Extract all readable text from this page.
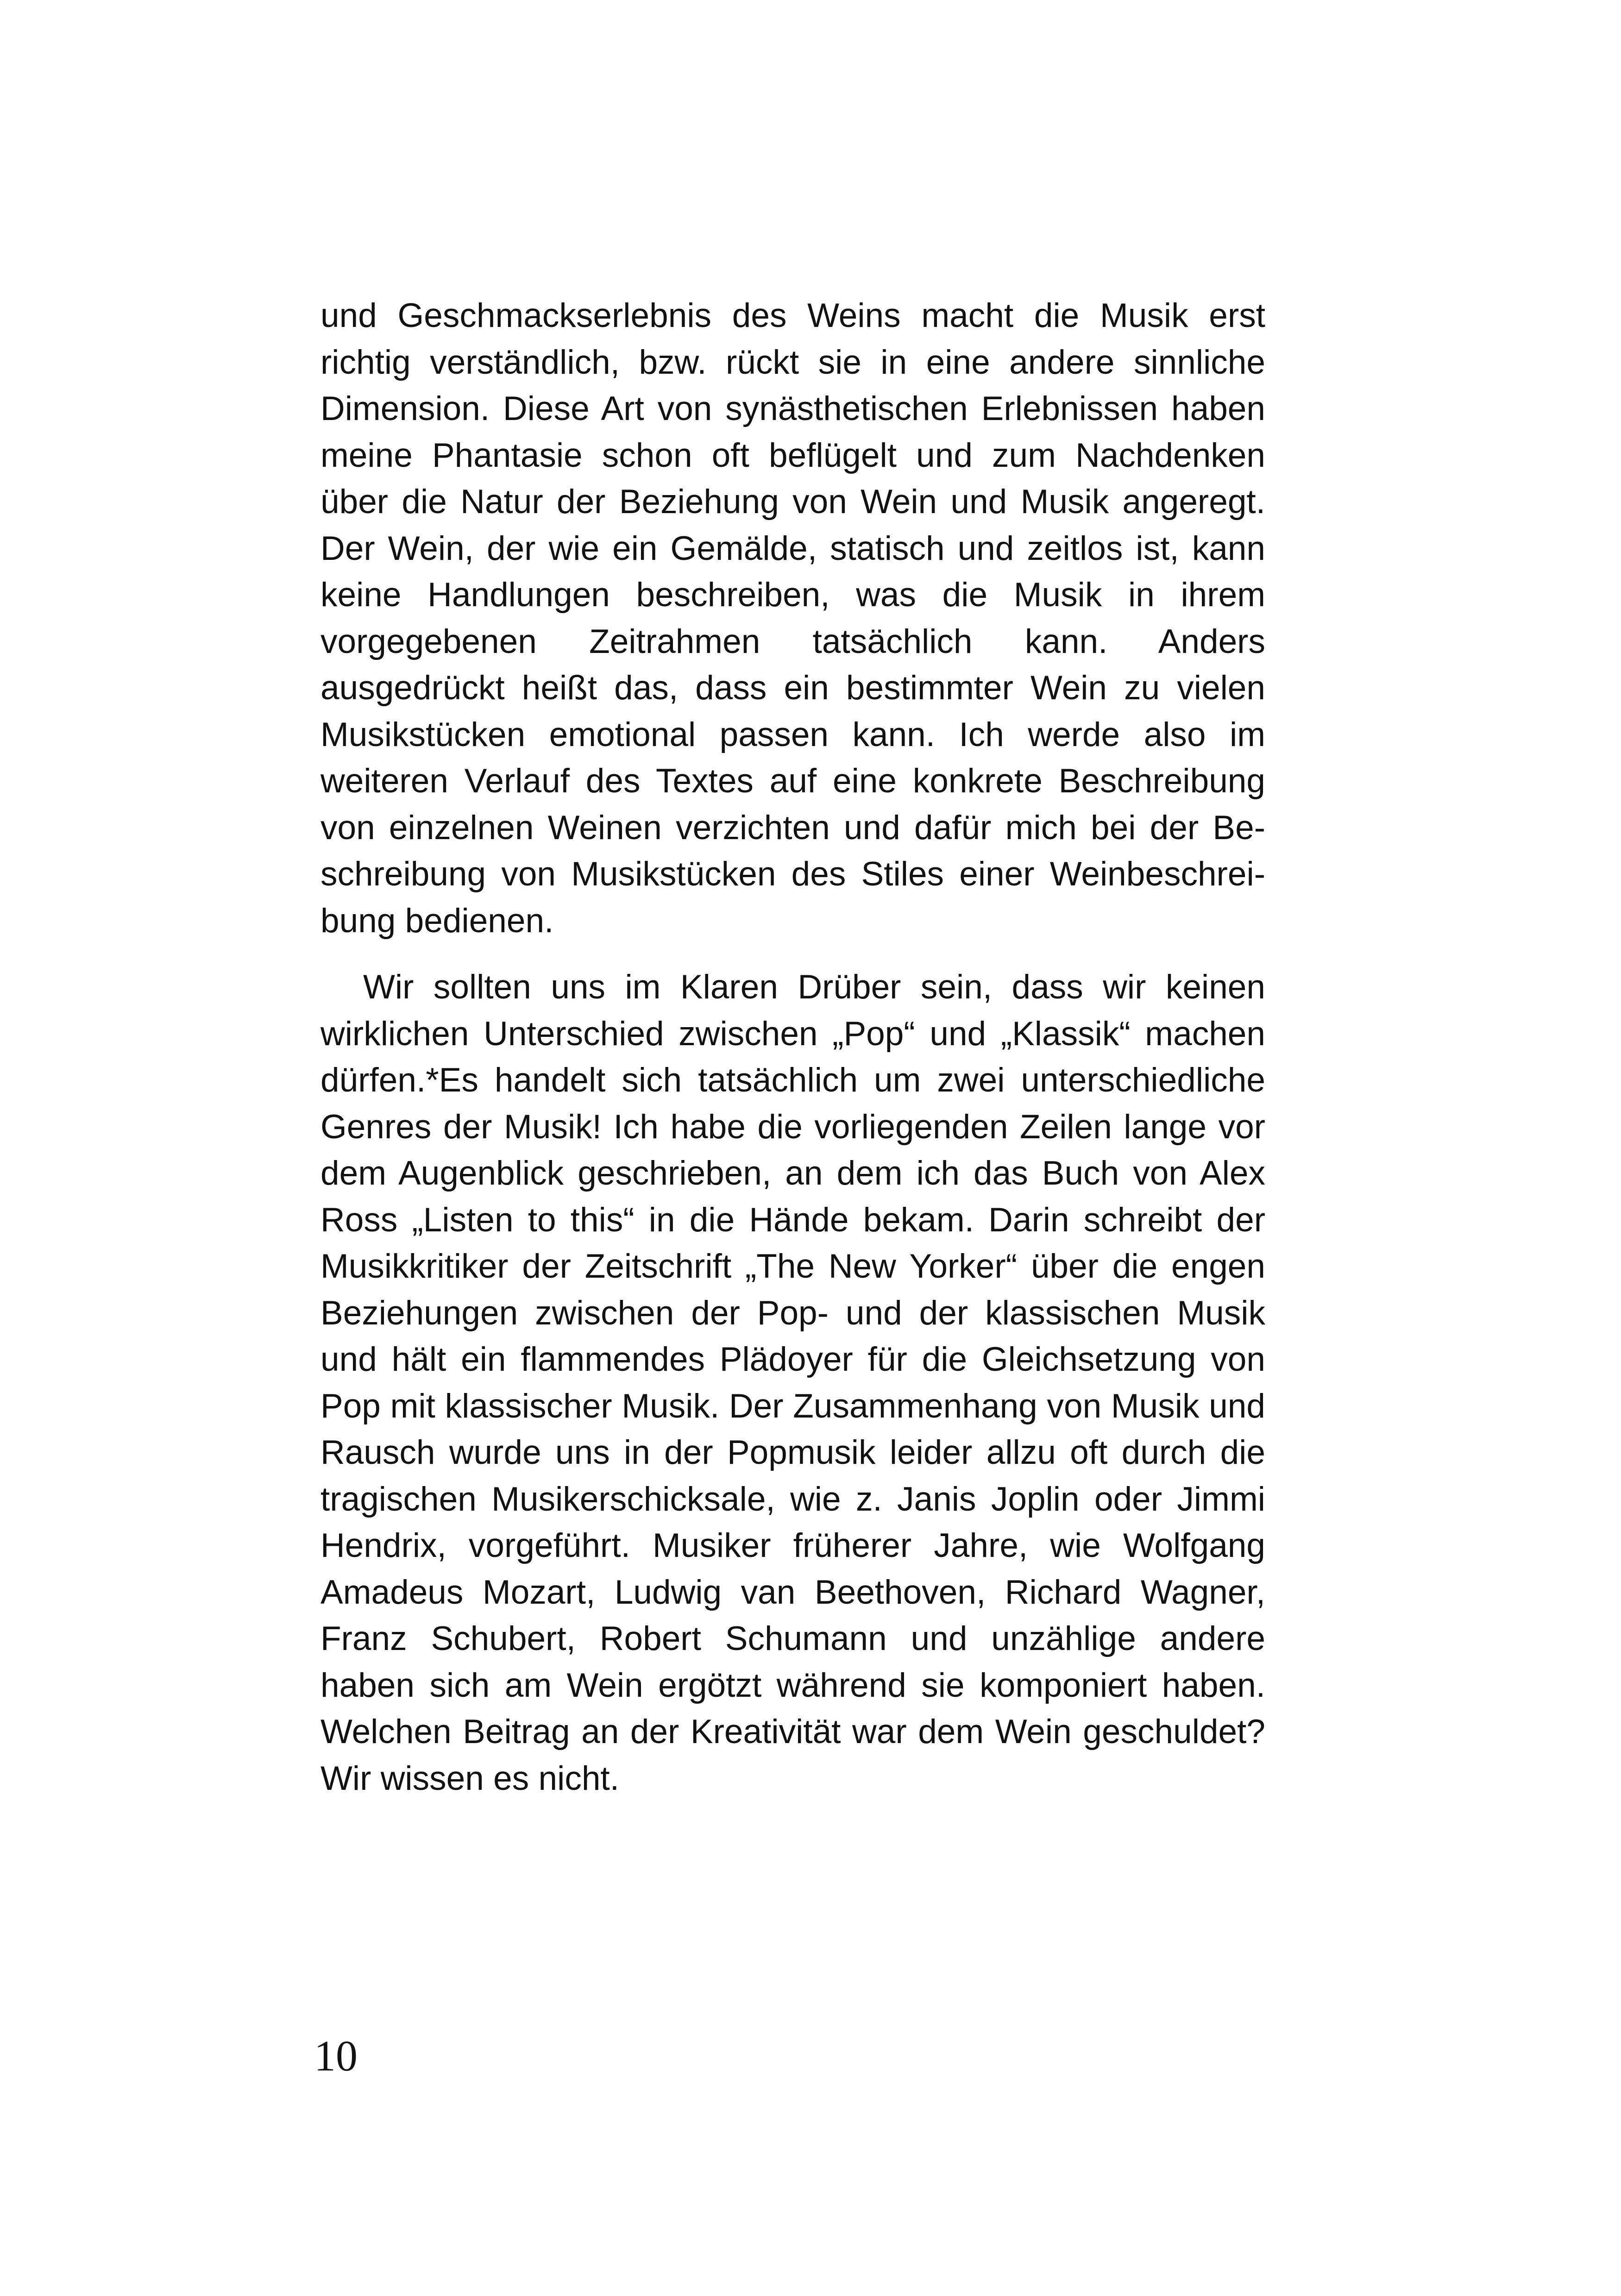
und Geschmackserlebnis des Weins macht die Musik erst richtig verständlich, bzw. rückt sie in eine andere sinnliche Dimension. Diese Art von synästhetischen Erlebnissen haben meine Phantasie schon oft beflügelt und zum Nachdenken über die Natur der Beziehung von Wein und Musik angeregt. Der Wein, der wie ein Gemälde, statisch und zeitlos ist, kann keine Handlungen beschreiben, was die Musik in ihrem vorgegebenen Zeitrahmen tatsächlich kann. Anders ausgedrückt heißt das, dass ein bestimmter Wein zu vielen Musikstücken emotional passen kann. Ich werde also im weiteren Verlauf des Textes auf eine konkrete Beschreibung von einzelnen Weinen verzichten und dafür mich bei der Beschreibung von Musikstücken des Stiles einer Weinbeschreibung bedienen.

Wir sollten uns im Klaren Drüber sein, dass wir keinen wirklichen Unterschied zwischen „Pop“ und „Klassik“ machen dürfen.*Es handelt sich tatsächlich um zwei unterschiedliche Genres der Musik! Ich habe die vorliegenden Zeilen lange vor dem Augenblick geschrieben, an dem ich das Buch von Alex Ross „Listen to this“ in die Hände bekam. Darin schreibt der Musikkritiker der Zeitschrift „The New Yorker“ über die engen Beziehungen zwischen der Pop- und der klassischen Musik und hält ein flammendes Plädoyer für die Gleichsetzung von Pop mit klassischer Musik. Der Zusammenhang von Musik und Rausch wurde uns in der Popmusik leider allzu oft durch die tragischen Musikerschicksale, wie z. Janis Joplin oder Jimmi Hendrix, vorgeführt. Musiker früherer Jahre, wie Wolfgang Amadeus Mozart, Ludwig van Beethoven, Richard Wagner, Franz Schubert, Robert Schumann und unzählige andere haben sich am Wein ergötzt während sie komponiert haben. Welchen Beitrag an der Kreativität war dem Wein geschuldet? Wir wissen es nicht.

10
